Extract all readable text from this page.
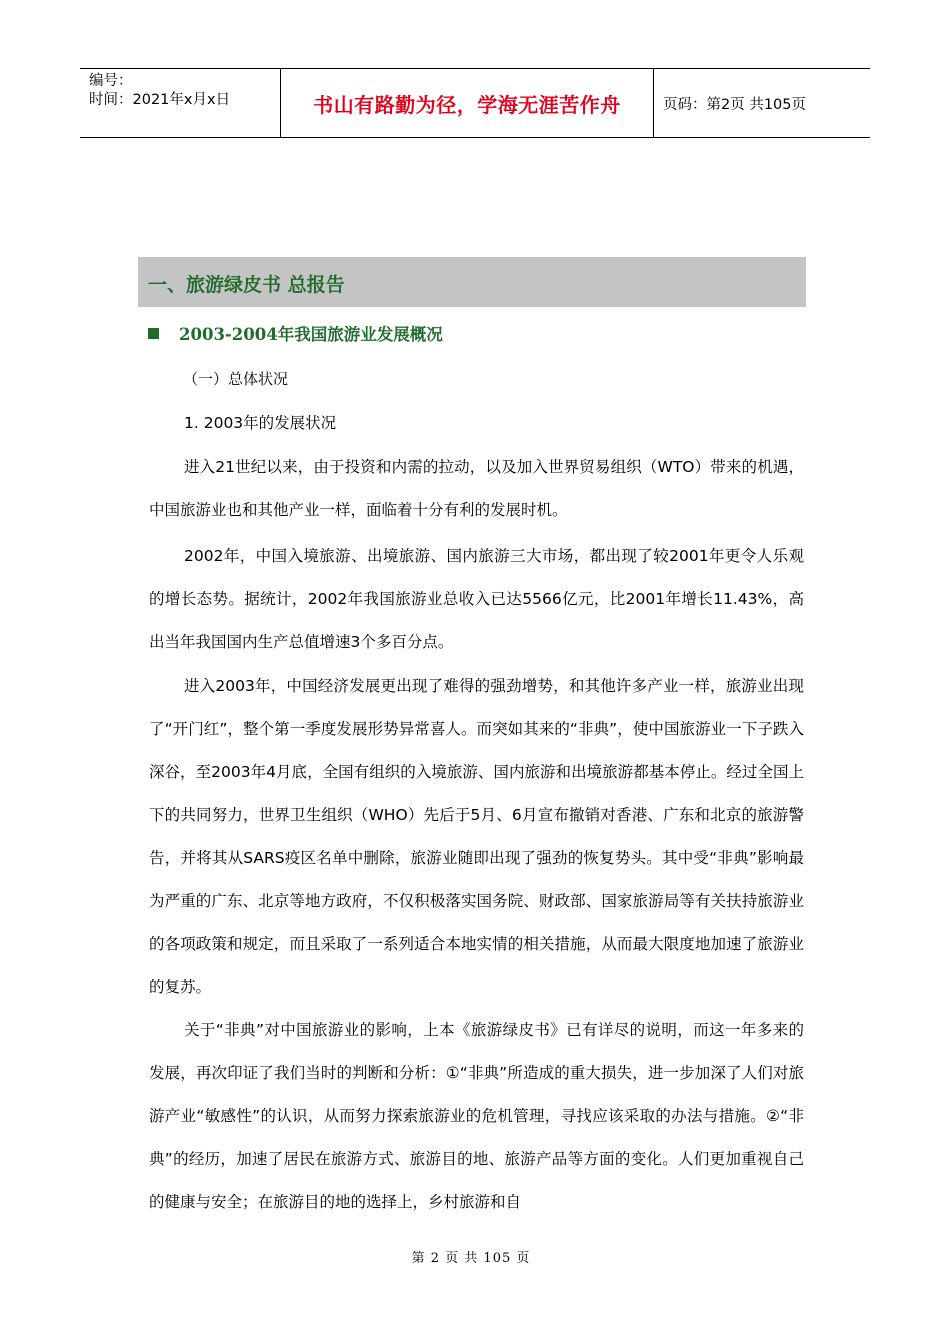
编号：
时间：2021年x月x日	书山有路勤为径，学海无涯苦作舟	页码：第2页 共105页
一、旅游绿皮书 总报告
2003-2004年我国旅游业发展概况
（一）总体状况
1. 2003年的发展状况
进入21世纪以来，由于投资和内需的拉动，以及加入世界贸易组织（WTO）带来的机遇，中国旅游业也和其他产业一样，面临着十分有利的发展时机。
2002年，中国入境旅游、出境旅游、国内旅游三大市场，都出现了较2001年更令人乐观的增长态势。据统计，2002年我国旅游业总收入已达5566亿元，比2001年增长11.43%，高出当年我国国内生产总值增速3个多百分点。
进入2003年，中国经济发展更出现了难得的强劲增势，和其他许多产业一样，旅游业出现了“开门红”，整个第一季度发展形势异常喜人。而突如其来的“非典”，使中国旅游业一下子跌入深谷，至2003年4月底，全国有组织的入境旅游、国内旅游和出境旅游都基本停止。经过全国上下的共同努力，世界卫生组织（WHO）先后于5月、6月宣布撤销对香港、广东和北京的旅游警告，并将其从SARS疫区名单中删除，旅游业随即出现了强劲的恢复势头。其中受“非典”影响最为严重的广东、北京等地方政府，不仅积极落实国务院、财政部、国家旅游局等有关扶持旅游业的各项政策和规定，而且采取了一系列适合本地实情的相关措施，从而最大限度地加速了旅游业的复苏。
关于“非典”对中国旅游业的影响，上本《旅游绿皮书》已有详尽的说明，而这一年多来的发展，再次印证了我们当时的判断和分析：①“非典”所造成的重大损失，进一步加深了人们对旅游产业“敏感性”的认识，从而努力探索旅游业的危机管理，寻找应该采取的办法与措施。②“非典”的经历，加速了居民在旅游方式、旅游目的地、旅游产品等方面的变化。人们更加重视自己的健康与安全；在旅游目的地的选择上，乡村旅游和自
第 2 页 共 105 页
